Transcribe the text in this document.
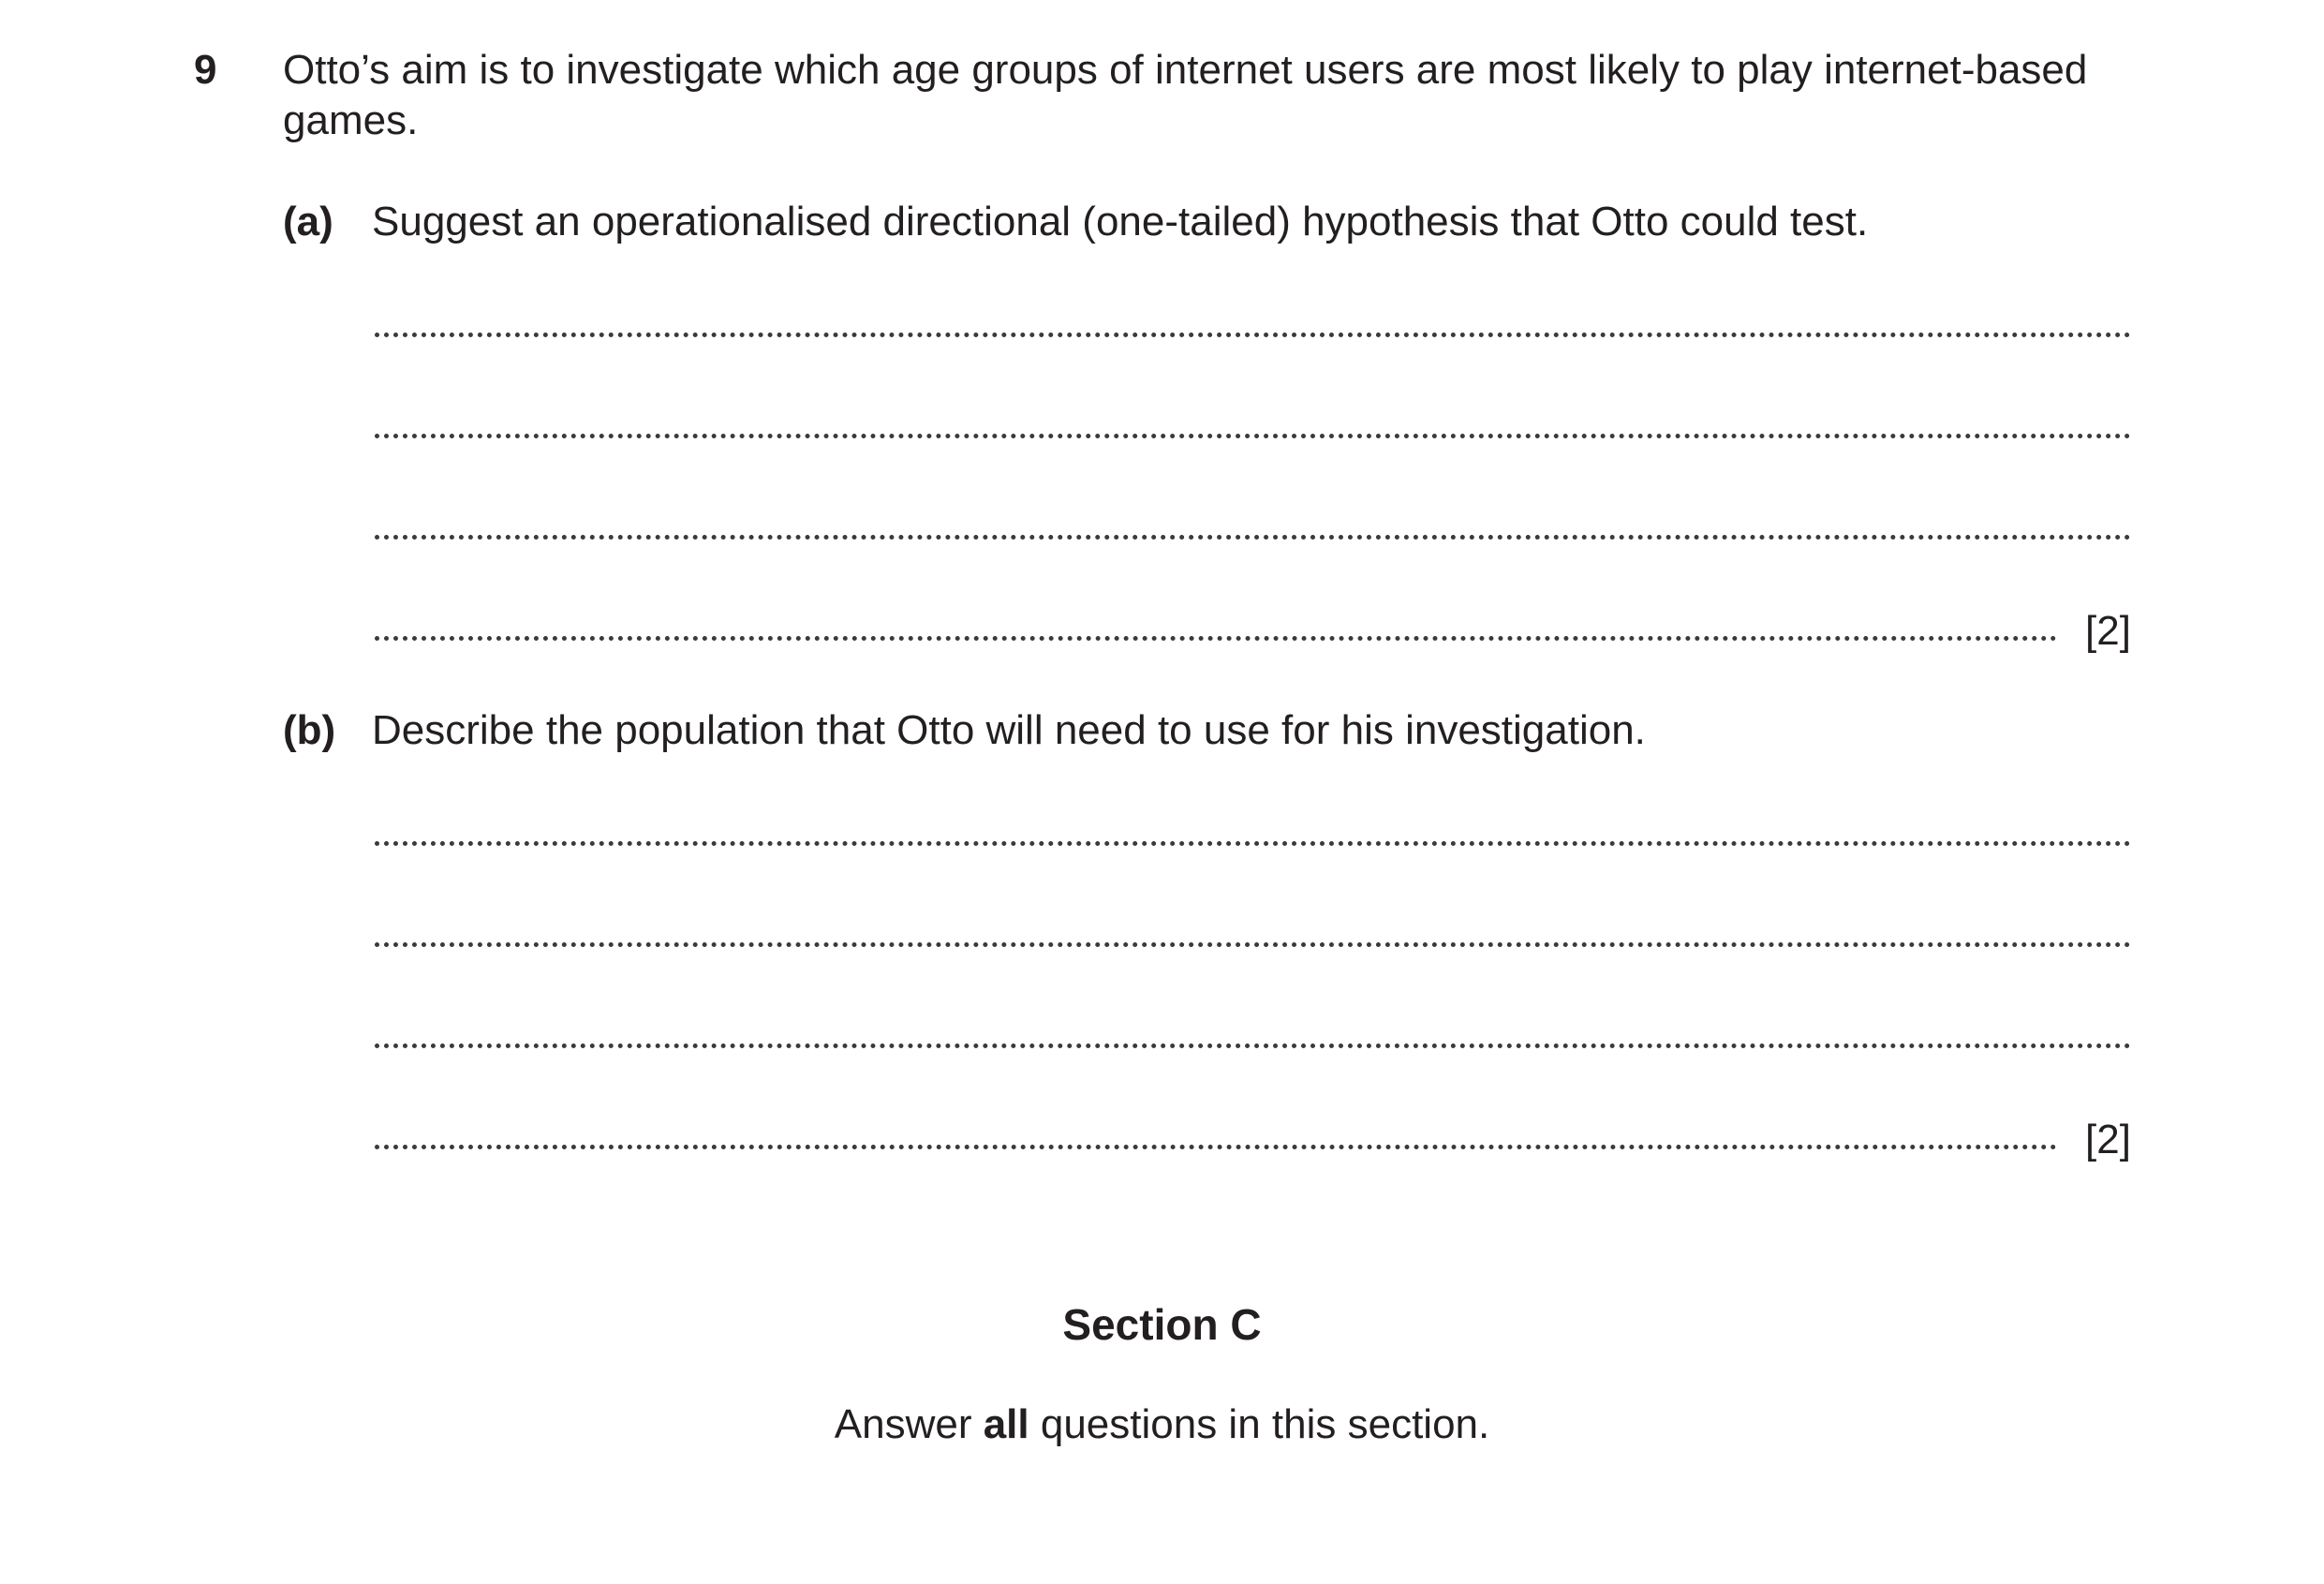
9 Otto’s aim is to investigate which age groups of internet users are most likely to play internet-based games.
(a) Suggest an operationalised directional (one-tailed) hypothesis that Otto could test.
[2]
(b) Describe the population that Otto will need to use for his investigation.
[2]
Section C
Answer all questions in this section.
